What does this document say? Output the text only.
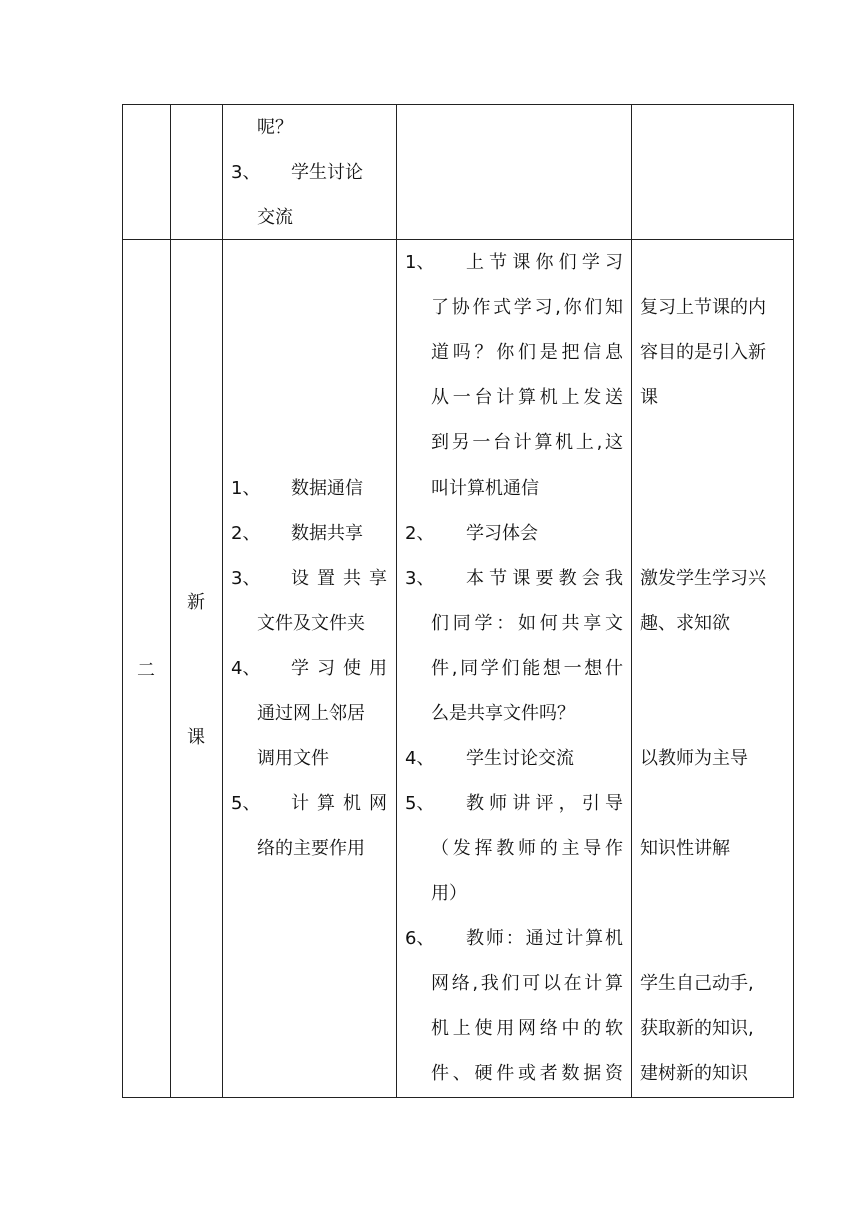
呢？
3、 学生讨论
交流
二
新
课
1、 数据通信
2、 数据共享
3、 设置共享
文件及文件夹
4、 学习使用
通过网上邻居
调用文件
5、 计算机网
络的主要作用
1、 上节课你们学习
了协作式学习,你们知
道吗？你们是把信息
从一台计算机上发送
到另一台计算机上,这
叫计算机通信
2、 学习体会
3、 本节课要教会我
们同学：如何共享文
件,同学们能想一想什
么是共享文件吗？
4、 学生讨论交流
5、 教师讲评，引导
（发挥教师的主导作
用）
6、 教师：通过计算机
网络,我们可以在计算
机上使用网络中的软
件、硬件或者数据资
复习上节课的内
容目的是引入新
课
激发学生学习兴
趣、求知欲
以教师为主导
知识性讲解
学生自己动手,
获取新的知识,
建树新的知识
